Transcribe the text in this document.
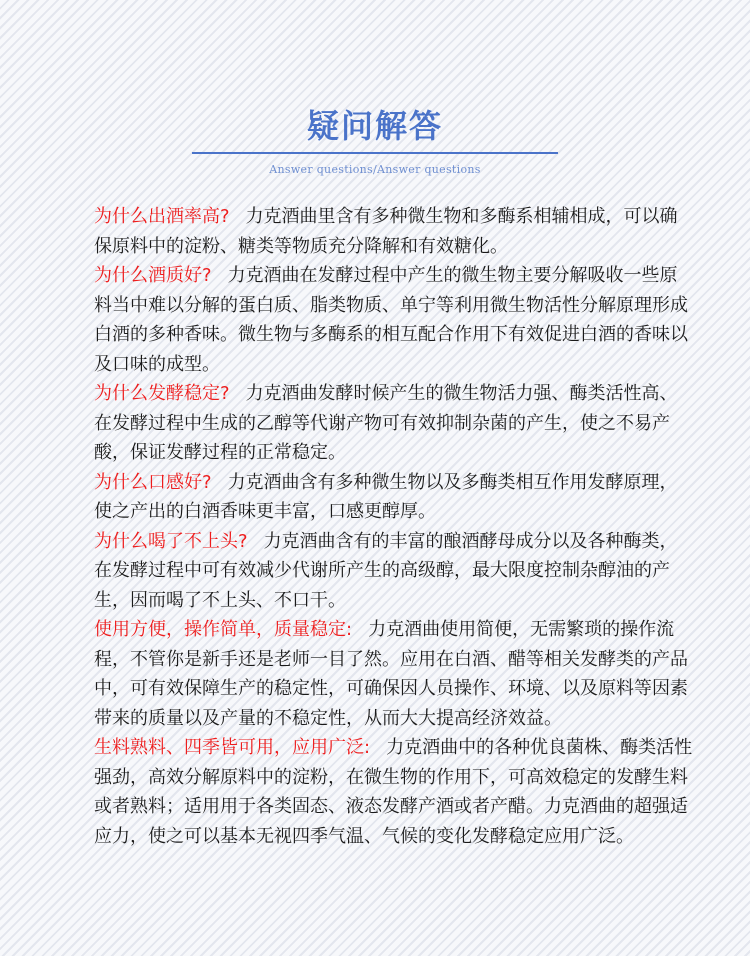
疑问解答
Answer questions/Answer questions

为什么出酒率高? 力克酒曲里含有多种微生物和多酶系相辅相成，可以确保原料中的淀粉、糖类等物质充分降解和有效糖化。

为什么酒质好? 力克酒曲在发酵过程中产生的微生物主要分解吸收一些原料当中难以分解的蛋白质、脂类物质、单宁等利用微生物活性分解原理形成白酒的多种香味。微生物与多酶系的相互配合作用下有效促进白酒的香味以及口味的成型。

为什么发酵稳定? 力克酒曲发酵时候产生的微生物活力强、酶类活性高、在发酵过程中生成的乙醇等代谢产物可有效抑制杂菌的产生，使之不易产酸，保证发酵过程的正常稳定。

为什么口感好? 力克酒曲含有多种微生物以及多酶类相互作用发酵原理，使之产出的白酒香味更丰富，口感更醇厚。

为什么喝了不上头? 力克酒曲含有的丰富的酿酒酵母成分以及各种酶类，在发酵过程中可有效减少代谢所产生的高级醇，最大限度控制杂醇油的产生，因而喝了不上头、不口干。

使用方便，操作简单，质量稳定: 力克酒曲使用简便，无需繁琐的操作流程，不管你是新手还是老师一目了然。应用在白酒、醋等相关发酵类的产品中，可有效保障生产的稳定性，可确保因人员操作、环境、以及原料等因素带来的质量以及产量的不稳定性，从而大大提高经济效益。

生料熟料、四季皆可用，应用广泛: 力克酒曲中的各种优良菌株、酶类活性强劲，高效分解原料中的淀粉，在微生物的作用下，可高效稳定的发酵生料或者熟料；适用用于各类固态、液态发酵产酒或者产醋。力克酒曲的超强适应力，使之可以基本无视四季气温、气候的变化发酵稳定应用广泛。
